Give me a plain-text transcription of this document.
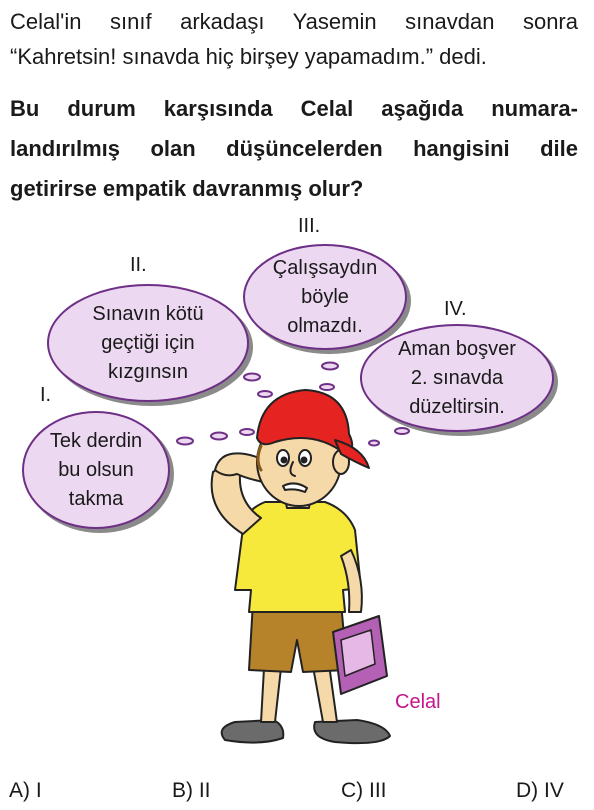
Celal'in sınıf arkadaşı Yasemin sınavdan sonra
“Kahretsin! sınavda hiç birşey yapamadım.” dedi.
Bu durum karşısında Celal aşağıda numara-
landırılmış olan düşüncelerden hangisini dile
getirirse empatik davranmış olur?
I.
Tek derdin
bu olsun
takma
II.
Sınavın kötü
geçtiği için
kızgınsın
III.
Çalışsaydın
böyle
olmazdı.
IV.
Aman boşver
2. sınavda
düzeltirsin.
Celal
A) I	B) II	C) III	D) IV
